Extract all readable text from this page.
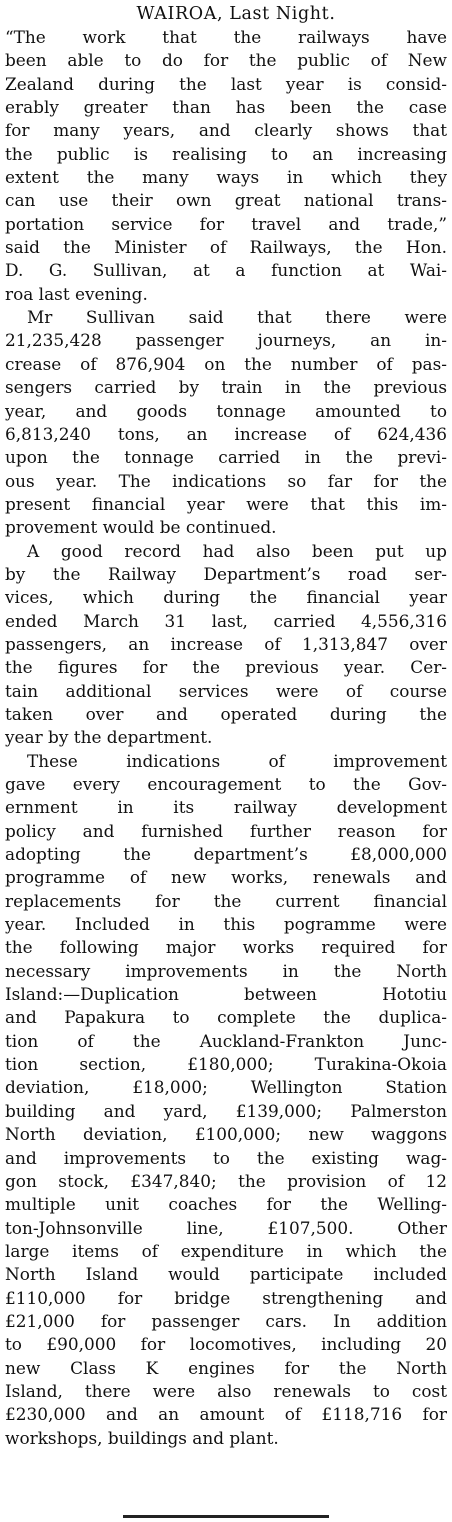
WAIROA, Last Night.

“The work that the railways have
been able to do for the public of New
Zealand during the last year is consid-
erably greater than has been the case
for many years, and clearly shows that
the public is realising to an increasing
extent the many ways in which they
can use their own great national trans-
portation service for travel and trade,”
said the Minister of Railways, the Hon.
D. G. Sullivan, at a function at Wai-
roa last evening.

Mr Sullivan said that there were
21,235,428 passenger journeys, an in-
crease of 876,904 on the number of pas-
sengers carried by train in the previous
year, and goods tonnage amounted to
6,813,240 tons, an increase of 624,436
upon the tonnage carried in the previ-
ous year. The indications so far for the
present financial year were that this im-
provement would be continued.

A good record had also been put up
by the Railway Department’s road ser-
vices, which during the financial year
ended March 31 last, carried 4,556,316
passengers, an increase of 1,313,847 over
the figures for the previous year. Cer-
tain additional services were of course
taken over and operated during the
year by the department.

These indications of improvement
gave every encouragement to the Gov-
ernment in its railway development
policy and furnished further reason for
adopting the department’s £8,000,000
programme of new works, renewals and
replacements for the current financial
year. Included in this pogramme were
the following major works required for
necessary improvements in the North
Island:—Duplication between Hototiu
and Papakura to complete the duplica-
tion of the Auckland-Frankton Junc-
tion section, £180,000; Turakina-Okoia
deviation, £18,000; Wellington Station
building and yard, £139,000; Palmerston
North deviation, £100,000; new waggons
and improvements to the existing wag-
gon stock, £347,840; the provision of 12
multiple unit coaches for the Welling-
ton-Johnsonville line, £107,500. Other
large items of expenditure in which the
North Island would participate included
£110,000 for bridge strengthening and
£21,000 for passenger cars. In addition
to £90,000 for locomotives, including 20
new Class K engines for the North
Island, there were also renewals to cost
£230,000 and an amount of £118,716 for
workshops, buildings and plant.
